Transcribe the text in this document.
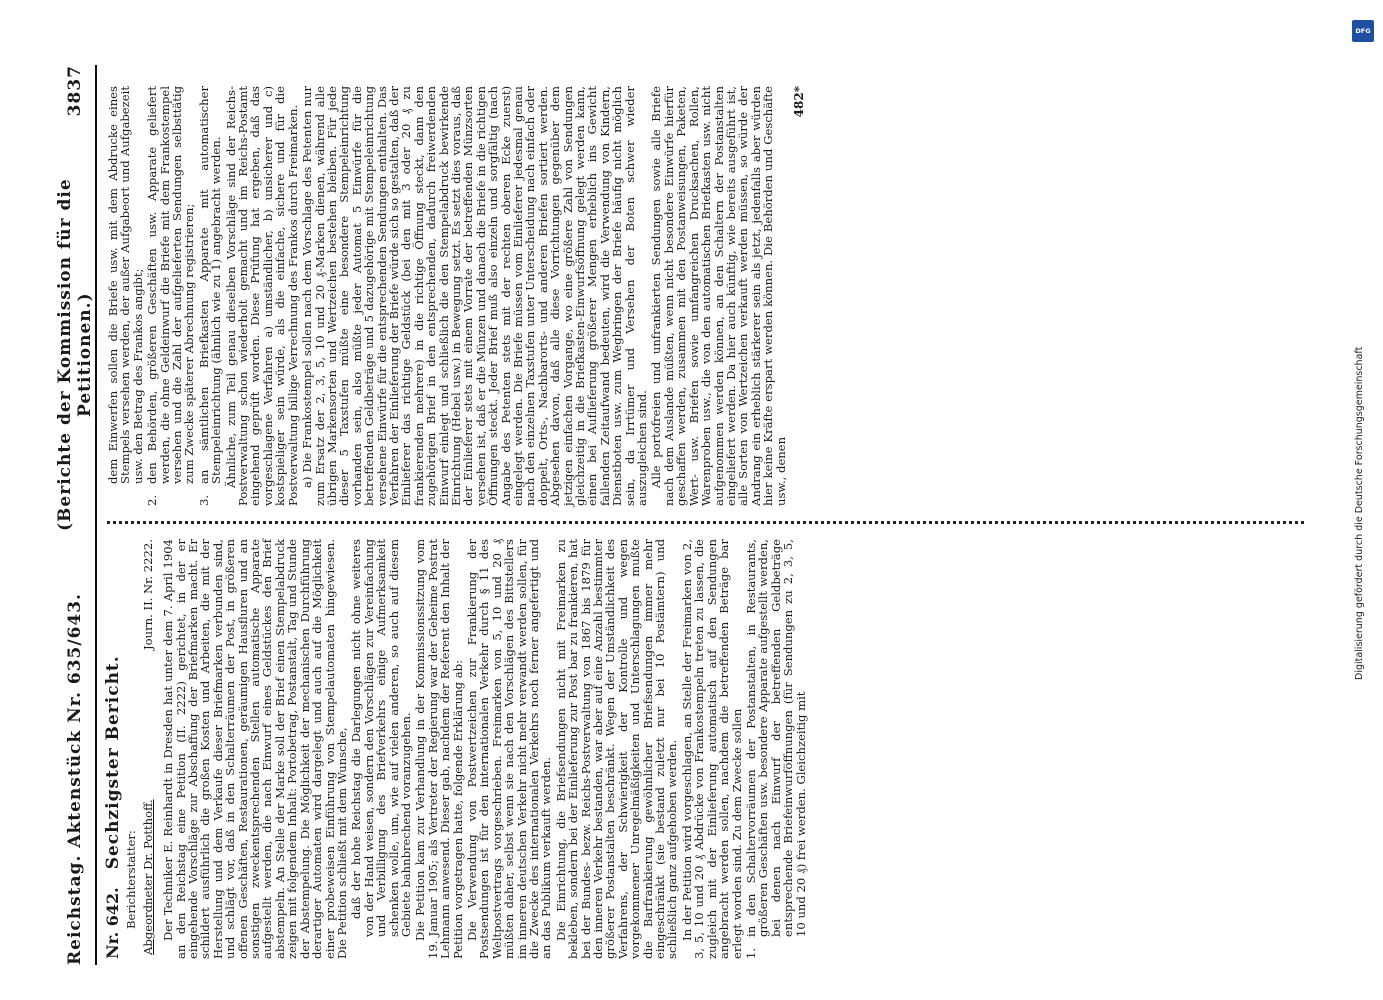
Reichstag. Aktenstück Nr. 635/643.
(Berichte der Kommission für die Petitionen.)
3837
Nr. 642.
Sechzigster Bericht.
Berichterstatter: Abgeordneter Dr. Potthoff.
Journ. II. Nr. 2222. Der Techniker E. Reinhardt in Dresden hat unter dem 7. April 1904 an den Reichstag eine Petition (II. 2222) gerichtet, in der er eingehende Vorschläge zur Abschaffung der Briefmarken macht. Er schildert ausführlich die großen Kosten und Arbeiten, die mit der Herstellung und dem Verkaufe dieser Briefmarken verbunden sind, und schlägt vor, daß in den Schalterräumen der Post, in größeren offenen Geschäften, Restaurationen, geräumigen Hausfluren und an sonstigen zweckentsprechenden Stellen automatische Apparate aufgestellt werden, die nach Einwurf eines Geldstückes den Brief abstempeln. An Stelle der Marke soll der Brief einen Stempelabdruck zeigen mit folgendem Inhalt: Portobetrag, Postanstalt, Tag und Stunde der Abstempelung. Die Möglichkeit der mechanischen Durchführung derartiger Automaten wird dargelegt und auch auf die Möglichkeit einer probeweisen Einführung von Stempelautomaten hingewiesen. Die Petition schließt mit dem Wunsche, daß der hohe Reichstag die Darlegungen nicht ohne weiteres von der Hand weisen, sondern den Vorschlägen zur Vereinfachung und Verbilligung des Briefverkehrs einige Aufmerksamkeit schenken wolle, um, wie auf vielen anderen, so auch auf diesem Gebiete bahnbrechend voranzugehen. Die Petition kam zur Verhandlung in der Kommissionssitzung vom 19. Januar 1905; als Vertreter der Regierung war der Geheime Postrat Lehmann anwesend. Dieser gab, nachdem der Referent den Inhalt der Petition vorgetragen hatte, folgende Erklärung ab: Die Verwendung von Postwertzeichen zur Frankierung der Postsendungen ist für den internationalen Verkehr durch § 11 des Weltpostvertrags vorgeschrieben. Freimarken von 5, 10 und 20 ₰ müßten daher, selbst wenn sie nach den Vorschlägen des Bittstellers im inneren deutschen Verkehr nicht mehr verwandt werden sollen, für die Zwecke des internationalen Verkehrs noch ferner angefertigt und an das Publikum verkauft werden. Die Einrichtung, die Briefsendungen nicht mit Freimarken zu bekleben, sondern bei der Einlieferung zur Post bar zu frankieren, hat bei der Bundes- bezw. Reichs-Postverwaltung von 1867 bis 1879 für den inneren Verkehr bestanden, war aber auf eine Anzahl bestimmter größerer Postanstalten beschränkt. Wegen der Umständlichkeit des Verfahrens, der Schwierigkeit der Kontrolle und wegen vorgekommener Unregelmäßigkeiten und Unterschlagungen mußte die Barfrankierung gewöhnlicher Briefsendungen immer mehr eingeschränkt (sie bestand zuletzt nur bei 10 Postämtern) und schließlich ganz aufgehoben werden. In der Petition wird vorgeschlagen, an Stelle der Freimarken von 2, 3, 5, 10 und 20 ₰ Abdrücke von Frankostempeln treten zu lassen, die zugleich mit der Einlieferung automatisch auf den Sendungen angebracht werden sollen, nachdem die betreffenden Beträge bar erlegt worden sind. Zu dem Zwecke sollen 1.
in den Schaltervorräumen der Postanstalten, in Restaurants, größeren Geschäften usw. besondere Apparate aufgestellt werden, bei denen nach Einwurf der betreffenden Geldbeträge entsprechende Briefeinwurföffnungen (für Sendungen zu 2, 3, 5, 10 und 20 ₰) frei werden. Gleichzeitig mit

dem Einwerfen sollen die Briefe usw. mit dem Abdrucke eines Stempels versehen werden, der außer Aufgabeort und Aufgabezeit usw. den Betrag des Frankos angibt;

2.
den Behörden, größeren Geschäften usw. Apparate geliefert werden, die ohne Geldeinwurf die Briefe mit dem Frankostempel versehen und die Zahl der aufgelieferten Sendungen selbsttätig zum Zwecke späterer Abrechnung registrieren;
3.
an sämtlichen Briefkasten Apparate mit automatischer Stempeleinrichtung (ähnlich wie zu 1) angebracht werden. Ähnliche, zum Teil genau dieselben Vorschläge sind der Reichs-Postverwaltung schon wiederholt gemacht und im Reichs-Postamt eingehend geprüft worden. Diese Prüfung hat ergeben, daß das vorgeschlagene Verfahren a) umständlicher, b) unsicherer und c) kostspieliger sein würde, als die einfache, sichere und für die Postverwaltung billige Verrechnung des Frankos durch Freimarken. a) Die Frankostempel sollen nach dem Vorschlage des Petenten nur zum Ersatz der 2, 3, 5, 10 und 20 ₰-Marken dienen, während alle übrigen Markensorten und Wertzeichen bestehen bleiben. Für jede dieser 5 Taxstufen müßte eine besondere Stempeleinrichtung vorhanden sein, also müßte jeder Automat 5 Einwürfe für die betreffenden Geldbeträge und 5 dazugehörige mit Stempeleinrichtung versehene Einwürfe für die entsprechenden Sendungen enthalten. Das Verfahren der Einlieferung der Briefe würde sich so gestalten, daß der Einlieferer das richtige Geldstück (bei den mit 3 oder 20 ₰ zu frankierenden mehrere) in die richtige Öffnung steckt, dann den zugehörigen Brief in den entsprechenden, dadurch freiwerdenden Einwurf einlegt und schließlich die den Stempelabdruck bewirkende Einrichtung (Hebel usw.) in Bewegung setzt. Es setzt dies voraus, daß der Einlieferer stets mit einem Vorrate der betreffenden Münzsorten versehen ist, daß er die Münzen und danach die Briefe in die richtigen Öffnungen steckt. Jeder Brief muß also einzeln und sorgfältig (nach Angabe des Petenten stets mit der rechten oberen Ecke zuerst) eingelegt werden. Die Briefe müssen vom Einlieferer jedesmal genau nach den einzelnen Taxstufen unter Unterscheidung nach einfach oder doppelt, Orts-, Nachbarorts- und anderen Briefen sortiert werden. Abgesehen davon, daß alle diese Vorrichtungen gegenüber dem jetzigen einfachen Vorgange, wo eine größere Zahl von Sendungen gleichzeitig in die Briefkasten-Einwurfsöffnung gelegt werden kann, einen bei Auflieferung größerer Mengen erheblich ins Gewicht fallenden Zeitaufwand bedeuten, wird die Verwendung von Kindern, Dienstboten usw. zum Wegbringen der Briefe häufig nicht möglich sein, da Irrtümer und Versehen der Boten schwer wieder auszugleichen sind. Alle portofreien und unfrankierten Sendungen sowie alle Briefe nach dem Auslande müßten, wenn nicht besondere Einwürfe hierfür geschaffen werden, zusammen mit den Postanweisungen, Paketen, Wert- usw. Briefen sowie umfangreichen Drucksachen, Rollen, Warenproben usw., die von den automatischen Briefkasten usw. nicht aufgenommen werden können, an den Schaltern der Postanstalten eingeliefert werden. Da hier auch künftig, wie bereits ausgeführt ist, alle Sorten von Wertzeichen verkauft werden müssen, so würde der Andrang ein erheblich stärkerer sein als jetzt, jedenfalls aber würden hier keine Kräfte erspart werden können. Die Behörden und Geschäfte usw., denen

482*
DFG
Digitalisierung gefördert durch die Deutsche Forschungsgemeinschaft
